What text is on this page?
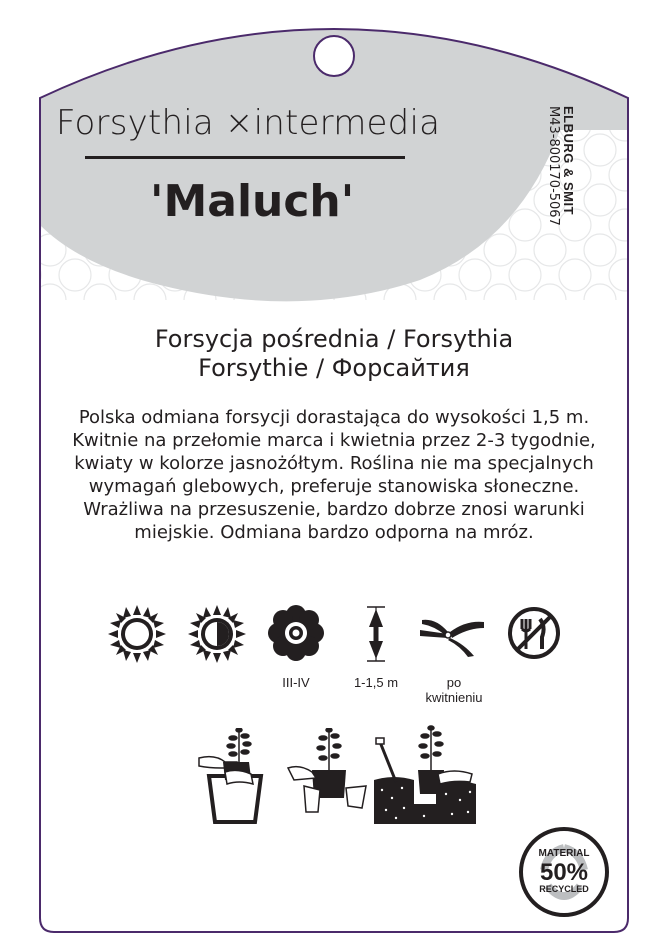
Forsythia ×intermedia
'Maluch'	ELBURG & SMIT
M43-800170-5067
Forsycja pośrednia / Forsythia
Forsythie / Форсайтия
Polska odmiana forsycji dorastająca do wysokości 1,5 m.
Kwitnie na przełomie marca i kwietnia przez 2-3 tygodnie,
kwiaty w kolorze jasnożółtym. Roślina nie ma specjalnych
wymagań glebowych, preferuje stanowiska słoneczne.
Wrażliwa na przesuszenie, bardzo dobrze znosi warunki
miejskie. Odmiana bardzo odporna na mróz.
III-IV	1-1,5 m	po
kwitnieniu
MATERIAL
50%
RECYCLED
